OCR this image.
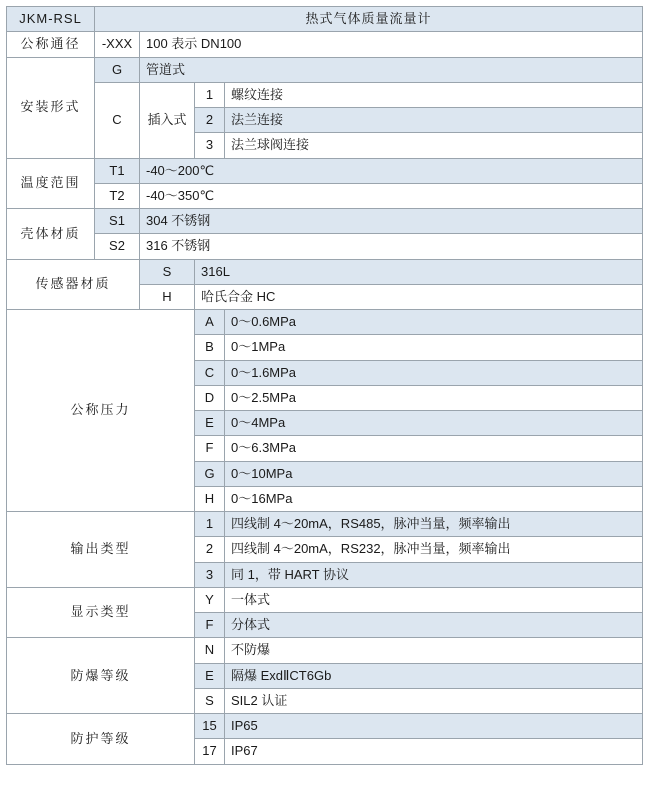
JKM-RSL	热式气体质量流量计			
公称通径	-XXX	100 表示 DN100		
安装形式	G	管道式		
	C	插入式	1	螺纹连接
			2	法兰连接
			3	法兰球阀连接
温度范围	T1	-40～200℃		
	T2	-40～350℃		
壳体材质	S1	304 不锈钢		
	S2	316 不锈钢		
传感器材质		S	316L	
		H	哈氏合金 HC	
公称压力			A	0～0.6MPa
			B	0～1MPa
			C	0～1.6MPa
			D	0～2.5MPa
			E	0～4MPa
			F	0～6.3MPa
			G	0～10MPa
			H	0～16MPa
输出类型			1	四线制 4～20mA，RS485，脉冲当量，频率输出
			2	四线制 4～20mA，RS232，脉冲当量，频率输出
			3	同 1，带 HART 协议
显示类型			Y	一体式
			F	分体式
防爆等级			N	不防爆
			E	隔爆 ExdⅡCT6Gb
			S	SIL2 认证
防护等级			15	IP65
			17	IP67
